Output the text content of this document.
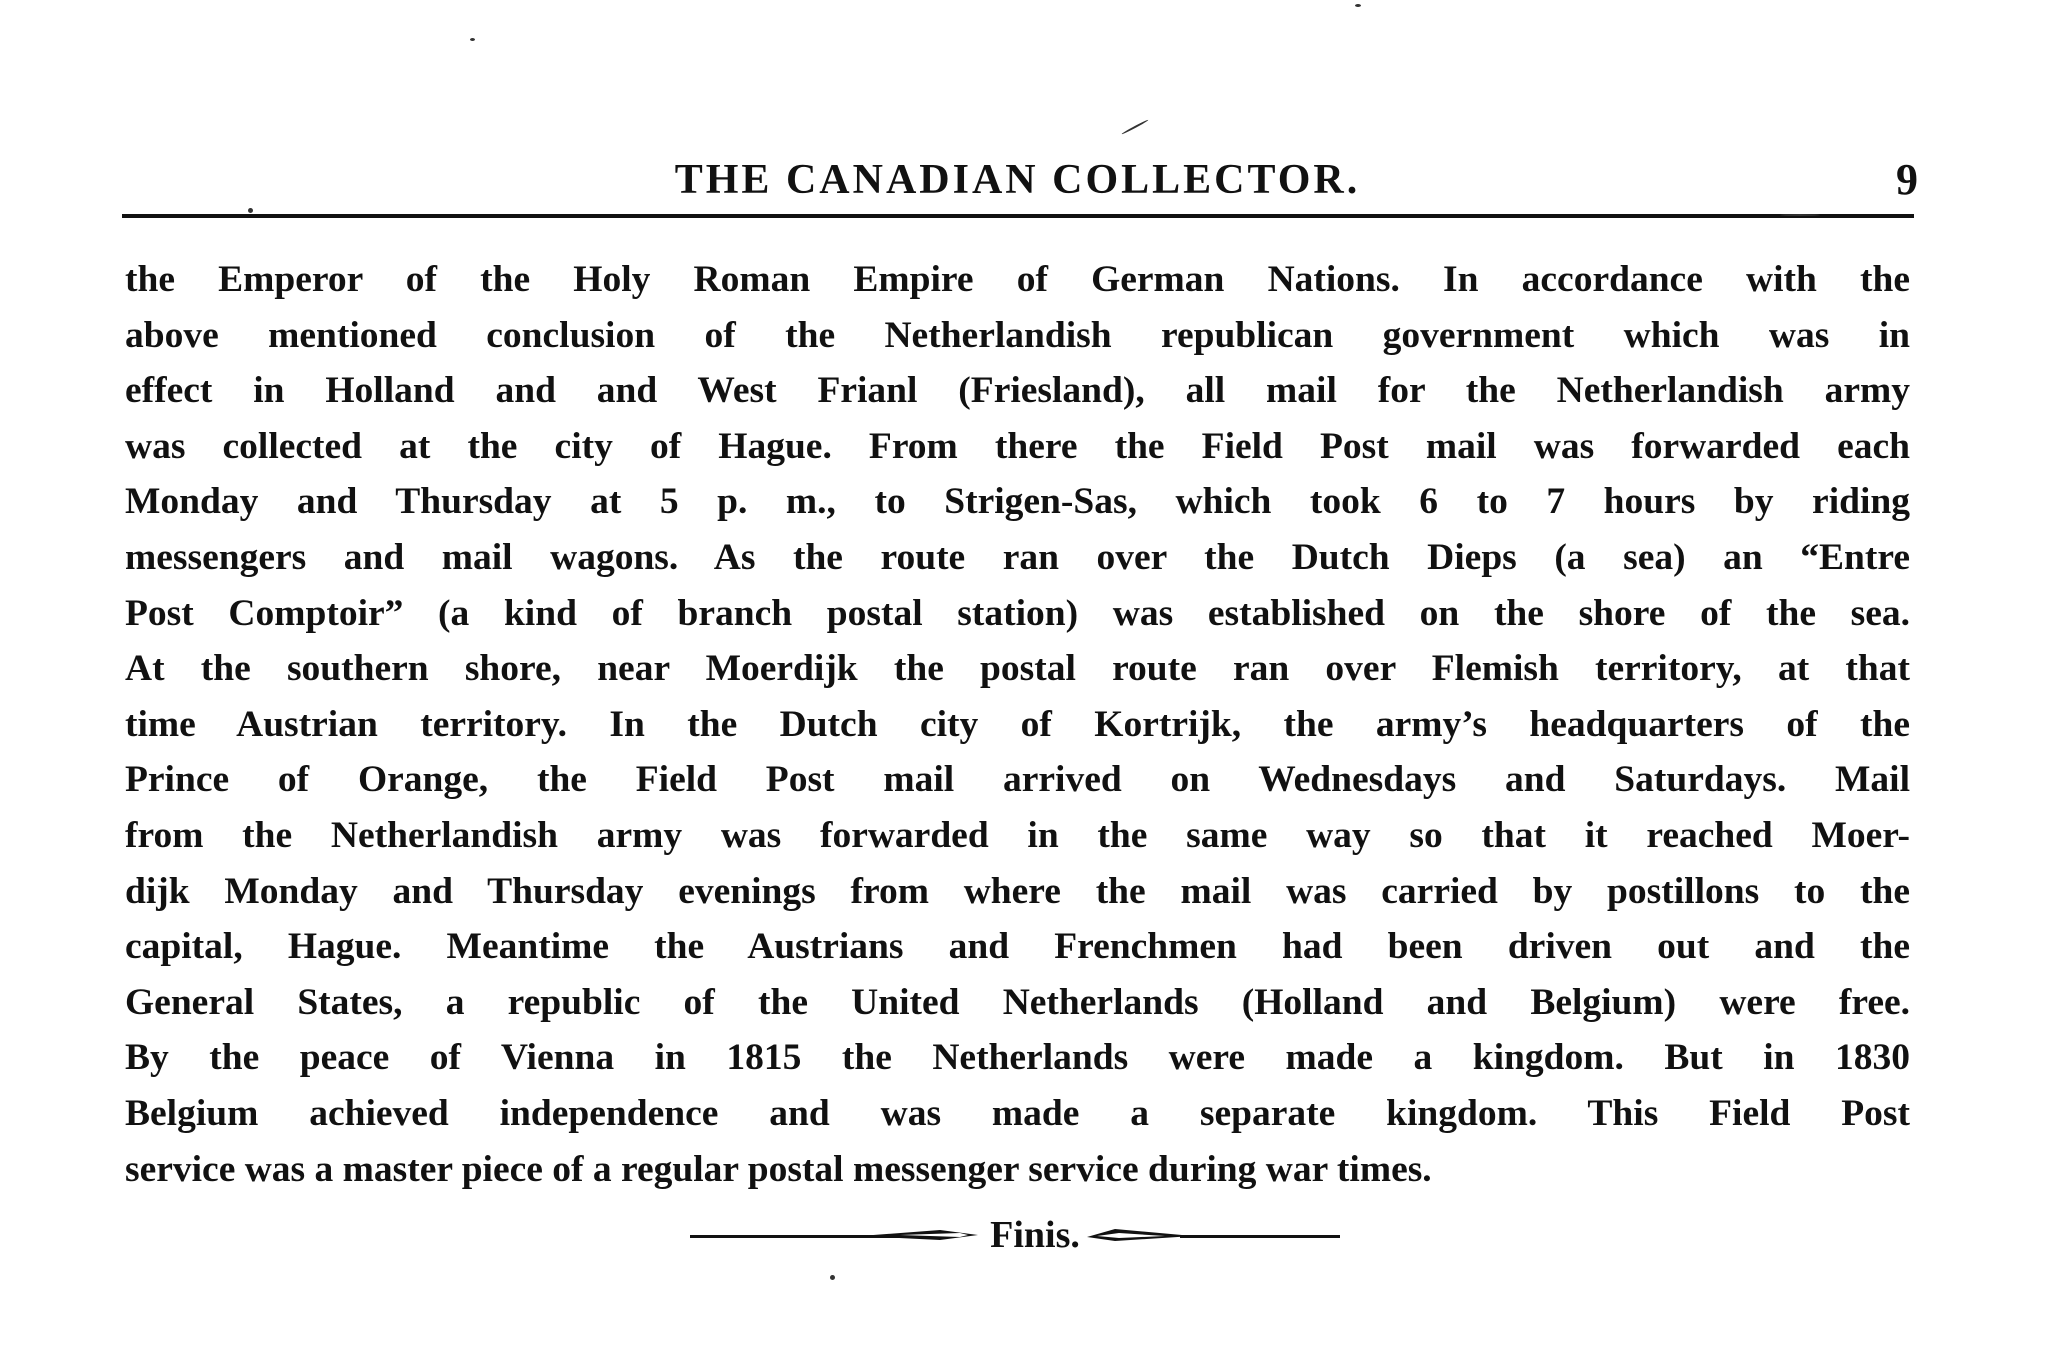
THE CANADIAN COLLECTOR.	9
the Emperor of the Holy Roman Empire of German Nations. In accordance with the
above mentioned conclusion of the Netherlandish republican government which was in
effect in Holland and and West Frianl (Friesland), all mail for the Netherlandish army
was collected at the city of Hague. From there the Field Post mail was forwarded each
Monday and Thursday at 5 p. m., to Strigen-Sas, which took 6 to 7 hours by riding
messengers and mail wagons. As the route ran over the Dutch Dieps (a sea) an “Entre
Post Comptoir” (a kind of branch postal station) was established on the shore of the sea.
At the southern shore, near Moerdijk the postal route ran over Flemish territory, at that
time Austrian territory. In the Dutch city of Kortrijk, the army’s headquarters of the
Prince of Orange, the Field Post mail arrived on Wednesdays and Saturdays. Mail
from the Netherlandish army was forwarded in the same way so that it reached Moer-
dijk Monday and Thursday evenings from where the mail was carried by postillons to the
capital, Hague. Meantime the Austrians and Frenchmen had been driven out and the
General States, a republic of the United Netherlands (Holland and Belgium) were free.
By the peace of Vienna in 1815 the Netherlands were made a kingdom. But in 1830
Belgium achieved independence and was made a separate kingdom. This Field Post
service was a master piece of a regular postal messenger service during war times.
Finis.
